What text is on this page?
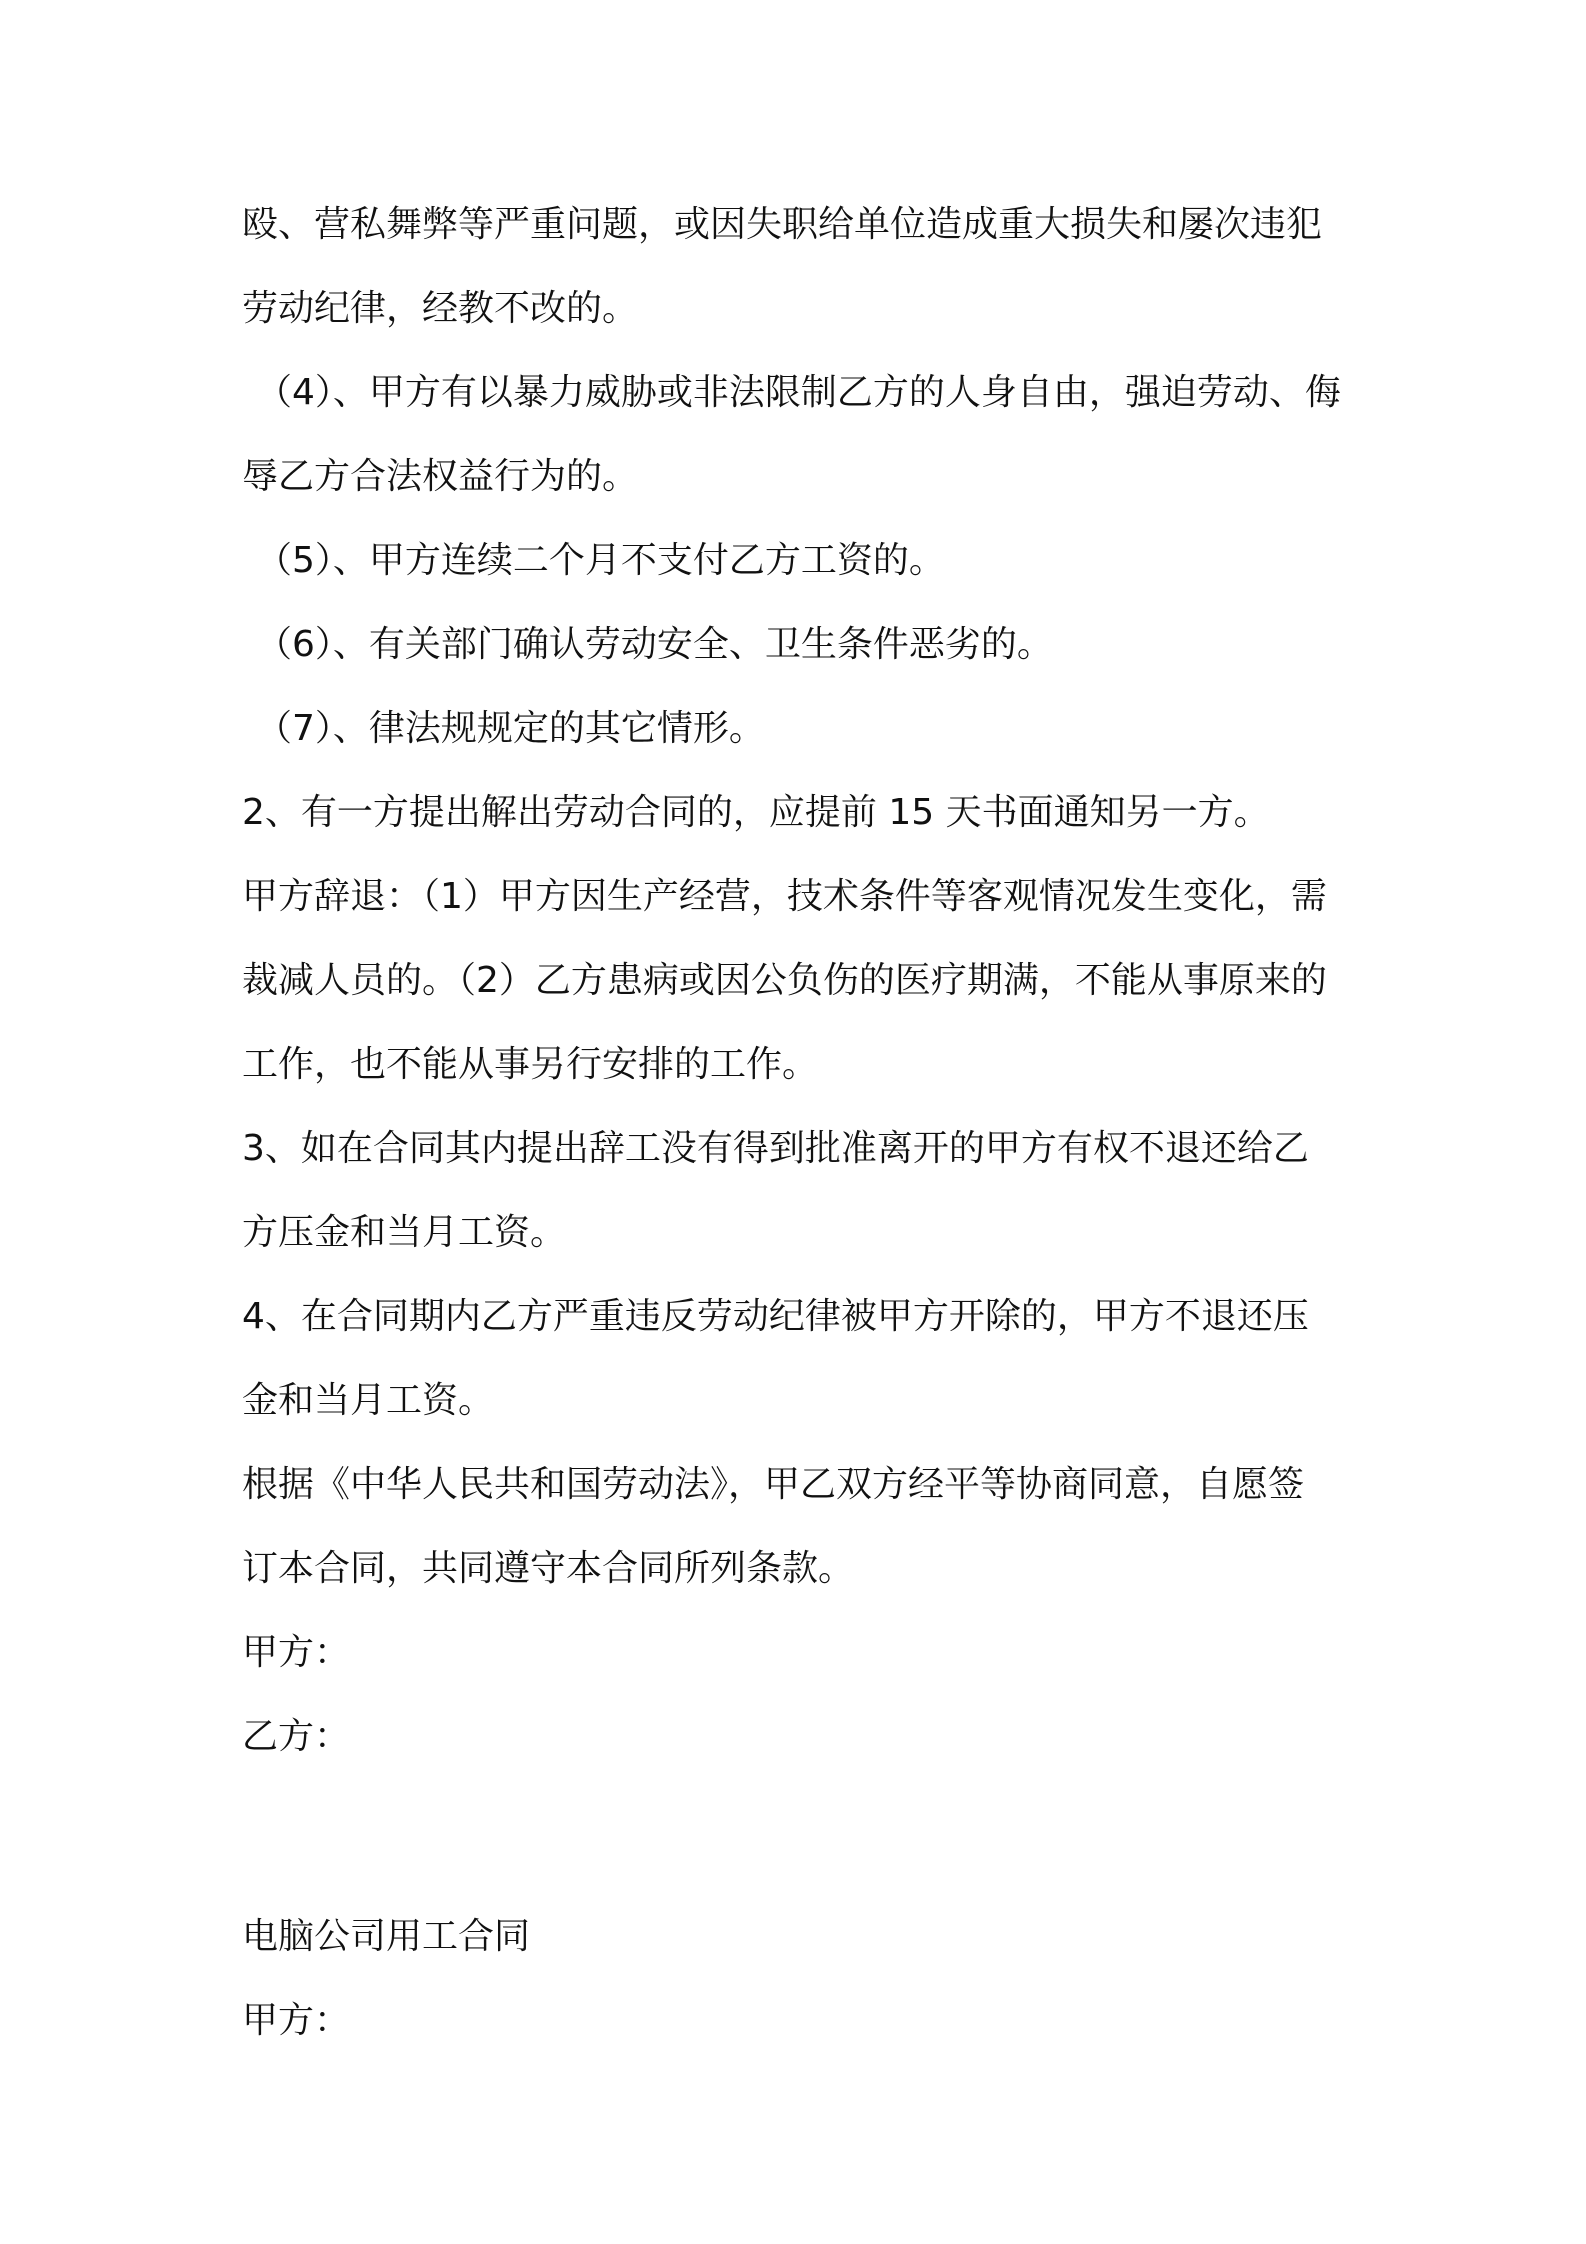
殴、营私舞弊等严重问题，或因失职给单位造成重大损失和屡次违犯
劳动纪律，经教不改的。
（4）、甲方有以暴力威胁或非法限制乙方的人身自由，强迫劳动、侮
辱乙方合法权益行为的。
（5）、甲方连续二个月不支付乙方工资的。
（6）、有关部门确认劳动安全、卫生条件恶劣的。
（7）、律法规规定的其它情形。
2、有一方提出解出劳动合同的，应提前 15 天书面通知另一方。
甲方辞退：（1）甲方因生产经营，技术条件等客观情况发生变化，需
裁减人员的。（2）乙方患病或因公负伤的医疗期满，不能从事原来的
工作，也不能从事另行安排的工作。
3、如在合同其内提出辞工没有得到批准离开的甲方有权不退还给乙
方压金和当月工资。
4、在合同期内乙方严重违反劳动纪律被甲方开除的，甲方不退还压
金和当月工资。
根据《中华人民共和国劳动法》，甲乙双方经平等协商同意，自愿签
订本合同，共同遵守本合同所列条款。
甲方：
乙方：
电脑公司用工合同
甲方：
